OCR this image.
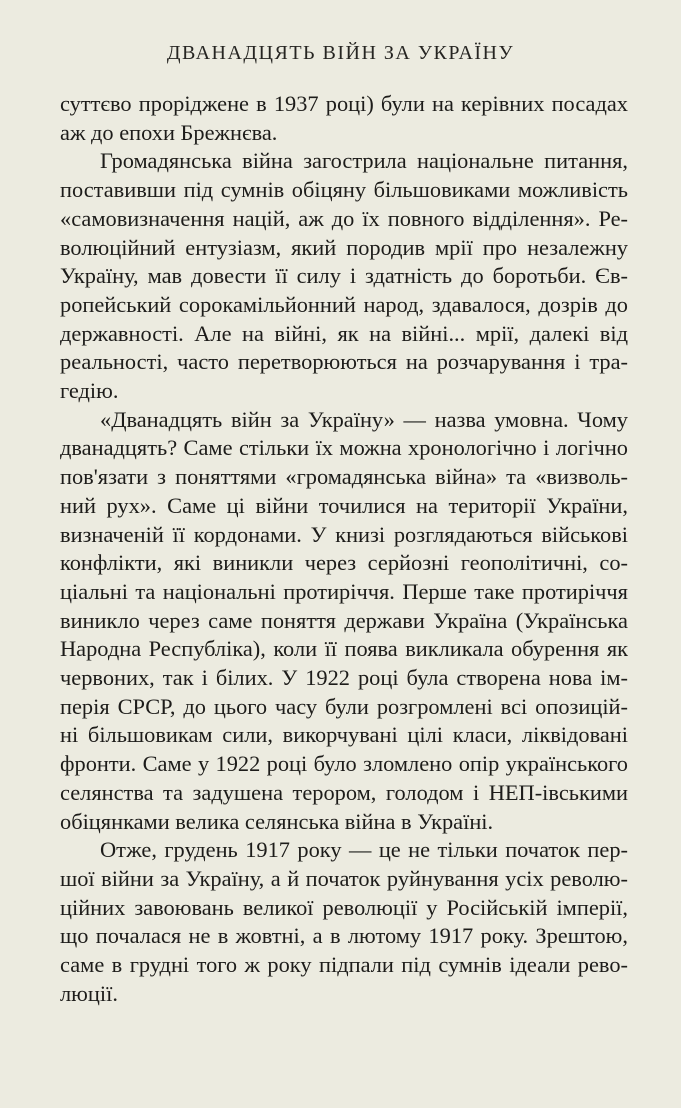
ДВАНАДЦЯТЬ ВІЙН ЗА УКРАЇНУ

суттєво проріджене в 1937 році) були на керівних посадах
аж до епохи Брежнєва.

Громадянська війна загострила національне питання,
поставивши під сумнів обіцяну більшовиками можливість
«самовизначення націй, аж до їх повного відділення». Ре-
волюційний ентузіазм, який породив мрії про незалежну
Україну, мав довести її силу і здатність до боротьби. Єв-
ропейський сорокамільйонний народ, здавалося, дозрів до
державності. Але на війні, як на війні... мрії, далекі від
реальності, часто перетворюються на розчарування і тра-
гедію.

«Дванадцять війн за Україну» — назва умовна. Чому
дванадцять? Саме стільки їх можна хронологічно і логічно
пов'язати з поняттями «громадянська війна» та «визволь-
ний рух». Саме ці війни точилися на території України,
визначеній її кордонами. У книзі розглядаються військові
конфлікти, які виникли через серйозні геополітичні, со-
ціальні та національні протиріччя. Перше таке протиріччя
виникло через саме поняття держави Україна (Українська
Народна Республіка), коли її поява викликала обурення як
червоних, так і білих. У 1922 році була створена нова ім-
перія СРСР, до цього часу були розгромлені всі опозицій-
ні більшовикам сили, викорчувані цілі класи, ліквідовані
фронти. Саме у 1922 році було зломлено опір українського
селянства та задушена терором, голодом і НЕП-івськими
обіцянками велика селянська війна в Україні.

Отже, грудень 1917 року — це не тільки початок пер-
шої війни за Україну, а й початок руйнування усіх револю-
ційних завоювань великої революції у Російській імперії,
що почалася не в жовтні, а в лютому 1917 року. Зрештою,
саме в грудні того ж року підпали під сумнів ідеали рево-
люції.
